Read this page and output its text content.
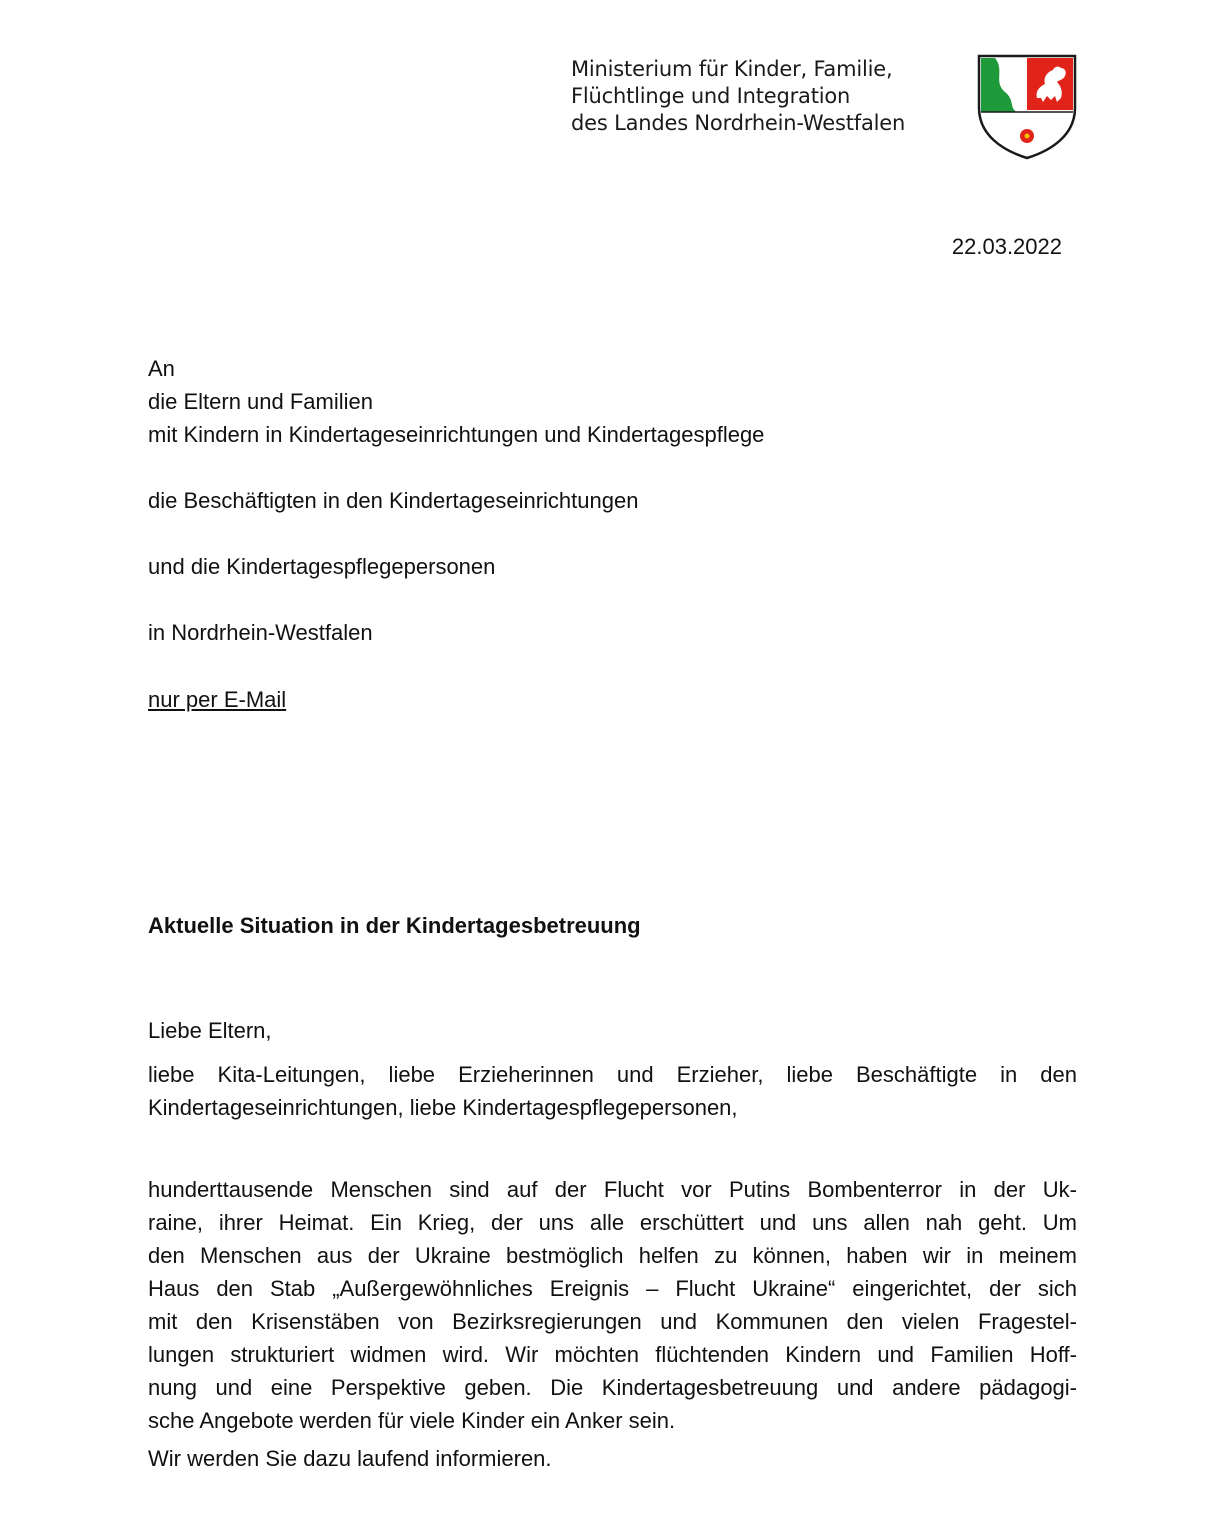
Ministerium für Kinder, Familie,
Flüchtlinge und Integration
des Landes Nordrhein-Westfalen
22.03.2022
An
die Eltern und Familien
mit Kindern in Kindertageseinrichtungen und Kindertagespflege
die Beschäftigten in den Kindertageseinrichtungen
und die Kindertagespflegepersonen
in Nordrhein-Westfalen
nur per E-Mail
Aktuelle Situation in der Kindertagesbetreuung
Liebe Eltern,
liebe Kita-Leitungen, liebe Erzieherinnen und Erzieher, liebe Beschäftigte in den
Kindertageseinrichtungen, liebe Kindertagespflegepersonen,
hunderttausende Menschen sind auf der Flucht vor Putins Bombenterror in der Uk-
raine, ihrer Heimat. Ein Krieg, der uns alle erschüttert und uns allen nah geht. Um
den Menschen aus der Ukraine bestmöglich helfen zu können, haben wir in meinem
Haus den Stab „Außergewöhnliches Ereignis – Flucht Ukraine“ eingerichtet, der sich
mit den Krisenstäben von Bezirksregierungen und Kommunen den vielen Fragestel-
lungen strukturiert widmen wird. Wir möchten flüchtenden Kindern und Familien Hoff-
nung und eine Perspektive geben. Die Kindertagesbetreuung und andere pädagogi-
sche Angebote werden für viele Kinder ein Anker sein.
Wir werden Sie dazu laufend informieren.
